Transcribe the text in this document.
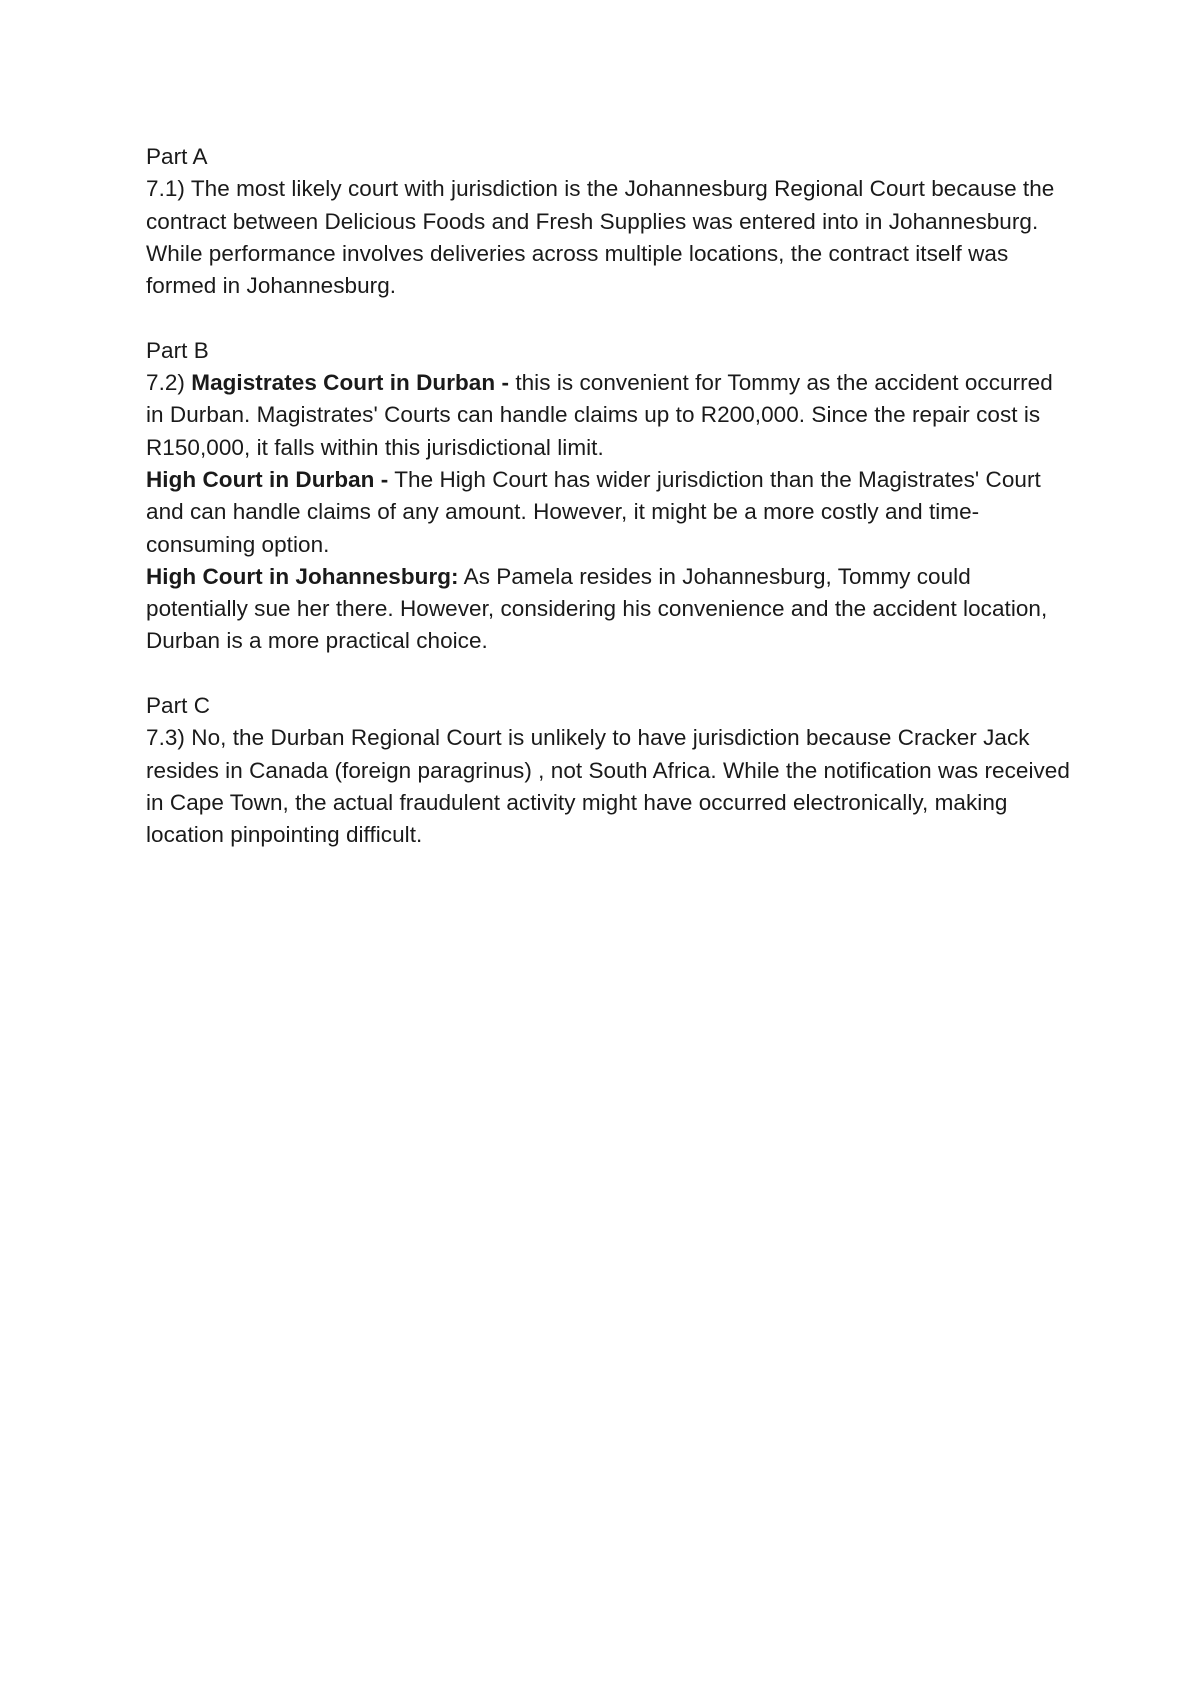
Part A

7.1) The most likely court with jurisdiction is the Johannesburg Regional Court because the contract between Delicious Foods and Fresh Supplies was entered into in Johannesburg. While performance involves deliveries across multiple locations, the contract itself was formed in Johannesburg.

Part B

7.2) Magistrates Court in Durban - this is convenient for Tommy as the accident occurred in Durban. Magistrates' Courts can handle claims up to R200,000. Since the repair cost is R150,000, it falls within this jurisdictional limit.

High Court in Durban - The High Court has wider jurisdiction than the Magistrates' Court and can handle claims of any amount. However, it might be a more costly and time-consuming option.

High Court in Johannesburg: As Pamela resides in Johannesburg, Tommy could potentially sue her there. However, considering his convenience and the accident location, Durban is a more practical choice.

Part C

7.3) No, the Durban Regional Court is unlikely to have jurisdiction because Cracker Jack resides in Canada (foreign paragrinus) , not South Africa. While the notification was received in Cape Town, the actual fraudulent activity might have occurred electronically, making location pinpointing difficult.
